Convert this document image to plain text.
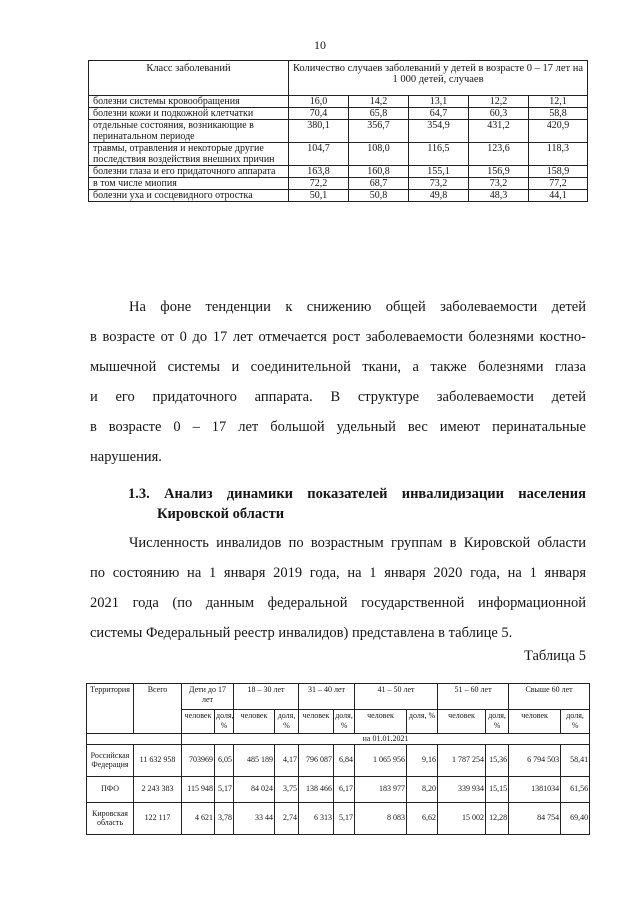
10
Класс заболеваний	Количество случаев заболеваний у детей в возрасте 0 – 17 лет на 1 000 детей, случаев				
болезни системы кровообращения	16,0	14,2	13,1	12,2	12,1
болезни кожи и подкожной клетчатки	70,4	65,8	64,7	60,3	58,8
отдельные состояния, возникающие в перинатальном периоде	380,1	356,7	354,9	431,2	420,9
травмы, отравления и некоторые другие последствия воздействия внешних причин	104,7	108,0	116,5	123,6	118,3
болезни глаза и его придаточного аппарата	163,8	160,8	155,1	156,9	158,9
в том числе миопия	72,2	68,7	73,2	73,2	77,2
болезни уха и сосцевидного отростка	50,1	50,8	49,8	48,3	44,1
На фоне тенденции к снижению общей заболеваемости детей
в возрасте от 0 до 17 лет отмечается рост заболеваемости болезнями костно-
мышечной системы и соединительной ткани, а также болезнями глаза
и его придаточного аппарата. В структуре заболеваемости детей
в возрасте 0 – 17 лет большой удельный вес имеют перинатальные
нарушения.
1.3. Анализ динамики показателей инвалидизации населения
Кировской области
Численность инвалидов по возрастным группам в Кировской области
по состоянию на 1 января 2019 года, на 1 января 2020 года, на 1 января
2021 года (по данным федеральной государственной информационной
системы Федеральный реестр инвалидов) представлена в таблице 5.
Таблица 5
Территория	Всего	Дети до 17 лет		18 – 30 лет		31 – 40 лет		41 – 50 лет		51 – 60 лет		Свыше 60 лет	
		человек	доля, %	человек	доля, %	человек	доля, %	человек	доля, %	человек	доля, %	человек	доля, %
		на 01.01.2021											
Российская Федерация	11 632 958	703969	6,05	485 189	4,17	796 087	6,84	1 065 956	9,16	1 787 254	15,36	6 794 503	58,41
ПФО	2 243 383	115 948	5,17	84 024	3,75	138 466	6,17	183 977	8,20	339 934	15,15	1381034	61,56
Кировская область	122 117	4 621	3,78	33 44	2,74	6 313	5,17	8 083	6,62	15 002	12,28	84 754	69,40
